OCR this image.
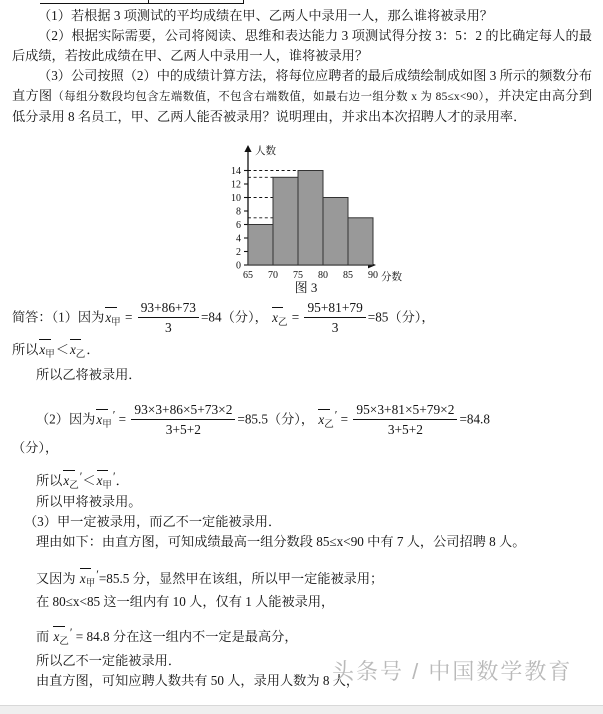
（1）若根据 3 项测试的平均成绩在甲、乙两人中录用一人，那么谁将被录用？
（2）根据实际需要，公司将阅读、思维和表达能力 3 项测试得分按 3：5：2 的比确定每人的最后成绩，若按此成绩在甲、乙两人中录用一人，谁将被录用？
（3）公司按照（2）中的成绩计算方法，将每位应聘者的最后成绩绘制成如图 3 所示的频数分布直方图（每组分数段均包含左端数值，不包含右端数值，如最右边一组分数 x 为 85≤x<90），并决定由高分到低分录用 8 名员工，甲、乙两人能否被录用？说明理由，并求出本次招聘人才的录用率．
0
2
4
6
8
10
12
14
65 70 75 80 85 90
人数
分数
图 3
简答：（1）因为x甲 = $\frac{93+86+73}{3} =84$（分）， x乙 = $\frac{95+81+79}{3} =85$（分），
所以x甲＜x乙．
所以乙将被录用．
（2）因为x甲′ = $\frac{93\times 3+86\times 5+73\times 2}{3+5+2} =85.5$（分）， x乙′ = $\frac{95\times 3+81\times 5+79\times 2}{3+5+2} =84.8$
（分），
所以x乙′＜x甲′．
所以甲将被录用。
（3）甲一定被录用，而乙不一定能被录用．
理由如下：由直方图，可知成绩最高一组分数段 85≤x<90 中有 7 人，公司招聘 8 人。
又因为 x甲′=85.5 分，显然甲在该组，所以甲一定能被录用；
在 80≤x<85 这一组内有 10 人，仅有 1 人能被录用，
而 x乙′ = 84.8 分在这一组内不一定是最高分，
所以乙不一定能被录用．
由直方图，可知应聘人数共有 50 人，录用人数为 8 人，
头条号 / 中国数学教育
